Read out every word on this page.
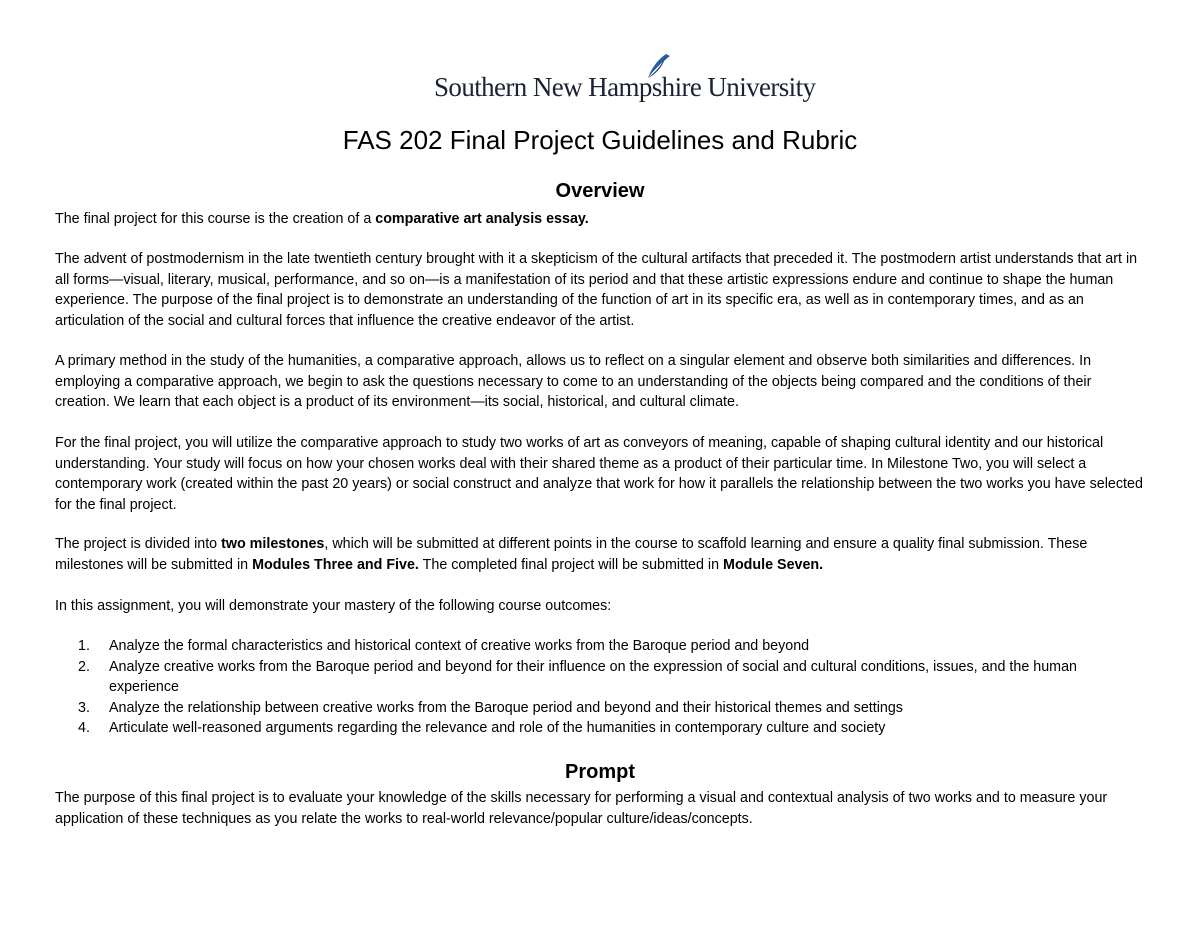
Southern New Hampshire University
FAS 202 Final Project Guidelines and Rubric
Overview

The final project for this course is the creation of a comparative art analysis essay.

The advent of postmodernism in the late twentieth century brought with it a skepticism of the cultural artifacts that preceded it. The postmodern artist understands that art in all forms—visual, literary, musical, performance, and so on—is a manifestation of its period and that these artistic expressions endure and continue to shape the human experience. The purpose of the final project is to demonstrate an understanding of the function of art in its specific era, as well as in contemporary times, and as an articulation of the social and cultural forces that influence the creative endeavor of the artist.

A primary method in the study of the humanities, a comparative approach, allows us to reflect on a singular element and observe both similarities and differences. In employing a comparative approach, we begin to ask the questions necessary to come to an understanding of the objects being compared and the conditions of their creation. We learn that each object is a product of its environment—its social, historical, and cultural climate.

For the final project, you will utilize the comparative approach to study two works of art as conveyors of meaning, capable of shaping cultural identity and our historical understanding. Your study will focus on how your chosen works deal with their shared theme as a product of their particular time. In Milestone Two, you will select a contemporary work (created within the past 20 years) or social construct and analyze that work for how it parallels the relationship between the two works you have selected for the final project.

The project is divided into two milestones, which will be submitted at different points in the course to scaffold learning and ensure a quality final submission. These milestones will be submitted in Modules Three and Five. The completed final project will be submitted in Module Seven.

In this assignment, you will demonstrate your mastery of the following course outcomes:

1. Analyze the formal characteristics and historical context of creative works from the Baroque period and beyond
2. Analyze creative works from the Baroque period and beyond for their influence on the expression of social and cultural conditions, issues, and the human experience
3. Analyze the relationship between creative works from the Baroque period and beyond and their historical themes and settings
4. Articulate well-reasoned arguments regarding the relevance and role of the humanities in contemporary culture and society
Prompt

The purpose of this final project is to evaluate your knowledge of the skills necessary for performing a visual and contextual analysis of two works and to measure your application of these techniques as you relate the works to real-world relevance/popular culture/ideas/concepts.
